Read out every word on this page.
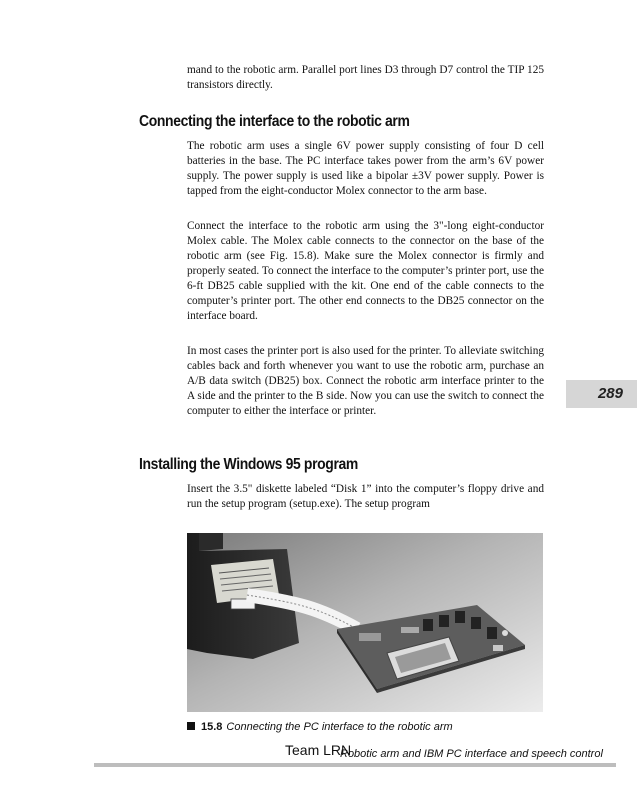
mand to the robotic arm. Parallel port lines D3 through D7 control the TIP 125 transistors directly.

Connecting the interface to the robotic arm

The robotic arm uses a single 6V power supply consisting of four D cell batteries in the base. The PC interface takes power from the arm’s 6V power supply. The power supply is used like a bipolar ±3V power supply. Power is tapped from the eight-conductor Molex connector to the arm base.

Connect the interface to the robotic arm using the 3"-long eight-conductor Molex cable. The Molex cable connects to the connector on the base of the robotic arm (see Fig. 15.8). Make sure the Molex connector is firmly and properly seated. To connect the interface to the computer’s printer port, use the 6-ft DB25 cable supplied with the kit. One end of the cable connects to the computer’s printer port. The other end connects to the DB25 connector on the interface board.

In most cases the printer port is also used for the printer. To alleviate switching cables back and forth whenever you want to use the robotic arm, purchase an A/B data switch (DB25) box. Connect the robotic arm interface printer to the A side and the printer to the B side. Now you can use the switch to connect the computer to either the interface or printer.

Installing the Windows 95 program

Insert the 3.5" diskette labeled “Disk 1” into the computer’s floppy drive and run the setup program (setup.exe). The setup program

289
15.8 Connecting the PC interface to the robotic arm
Team LRN
Robotic arm and IBM PC interface and speech control
